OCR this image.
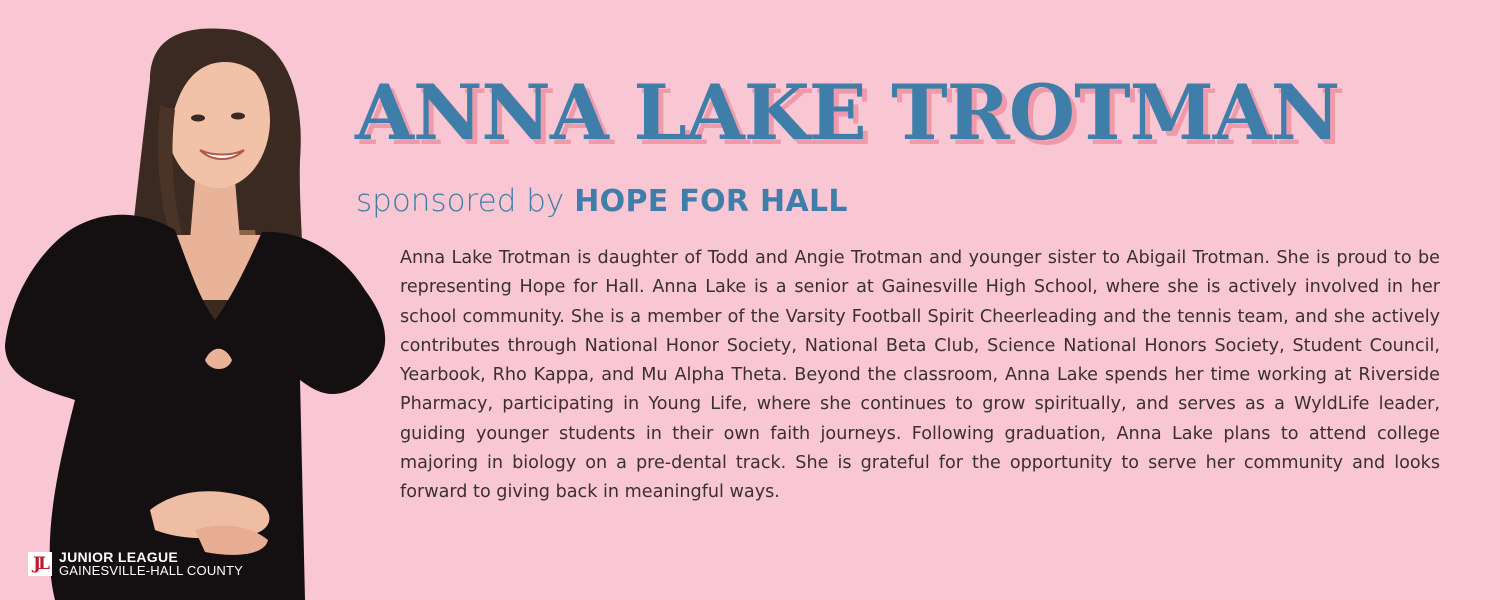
JL JUNIOR LEAGUE
GAINESVILLE-HALL COUNTY
ANNA LAKE TROTMAN
sponsored by HOPE FOR HALL

Anna Lake Trotman is daughter of Todd and Angie Trotman and younger sister to Abigail Trotman. She is proud to be representing Hope for Hall. Anna Lake is a senior at Gainesville High School, where she is actively involved in her school community. She is a member of the Varsity Football Spirit Cheerleading and the tennis team, and she actively contributes through National Honor Society, National Beta Club, Science National Honors Society, Student Council, Yearbook, Rho Kappa, and Mu Alpha Theta. Beyond the classroom, Anna Lake spends her time working at Riverside Pharmacy, participating in Young Life, where she continues to grow spiritually, and serves as a WyldLife leader, guiding younger students in their own faith journeys. Following graduation, Anna Lake plans to attend college majoring in biology on a pre-dental track. She is grateful for the opportunity to serve her community and looks forward to giving back in meaningful ways.
